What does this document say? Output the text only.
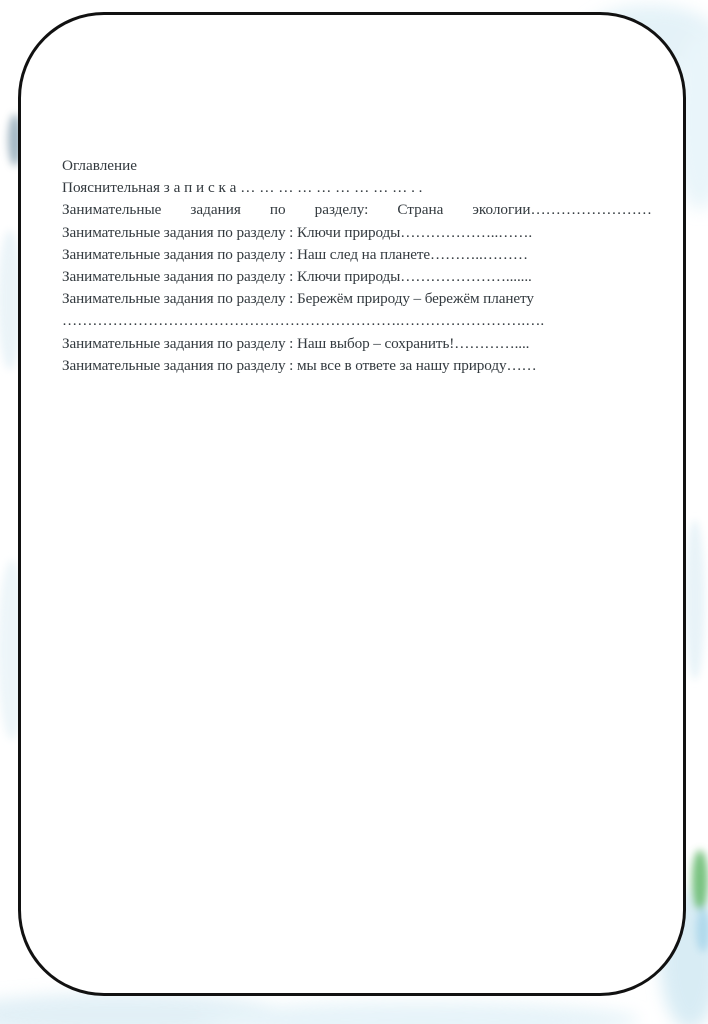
Оглавление
Пояснительная з а п и с к а … … … … … … … … … . .
Занимательные задания по разделу: Страна экологии……………………
Занимательные задания по разделу : Ключи природы………………..…….
Занимательные задания по разделу : Наш след на планете………..………
Занимательные задания по разделу : Ключи природы………………….......
Занимательные задания по разделу : Бережём природу – бережём планету
………………………………………………………….…………………….….
Занимательные задания по разделу : Наш выбор – сохранить!…………....
Занимательные задания по разделу : мы все в ответе за нашу природу……
